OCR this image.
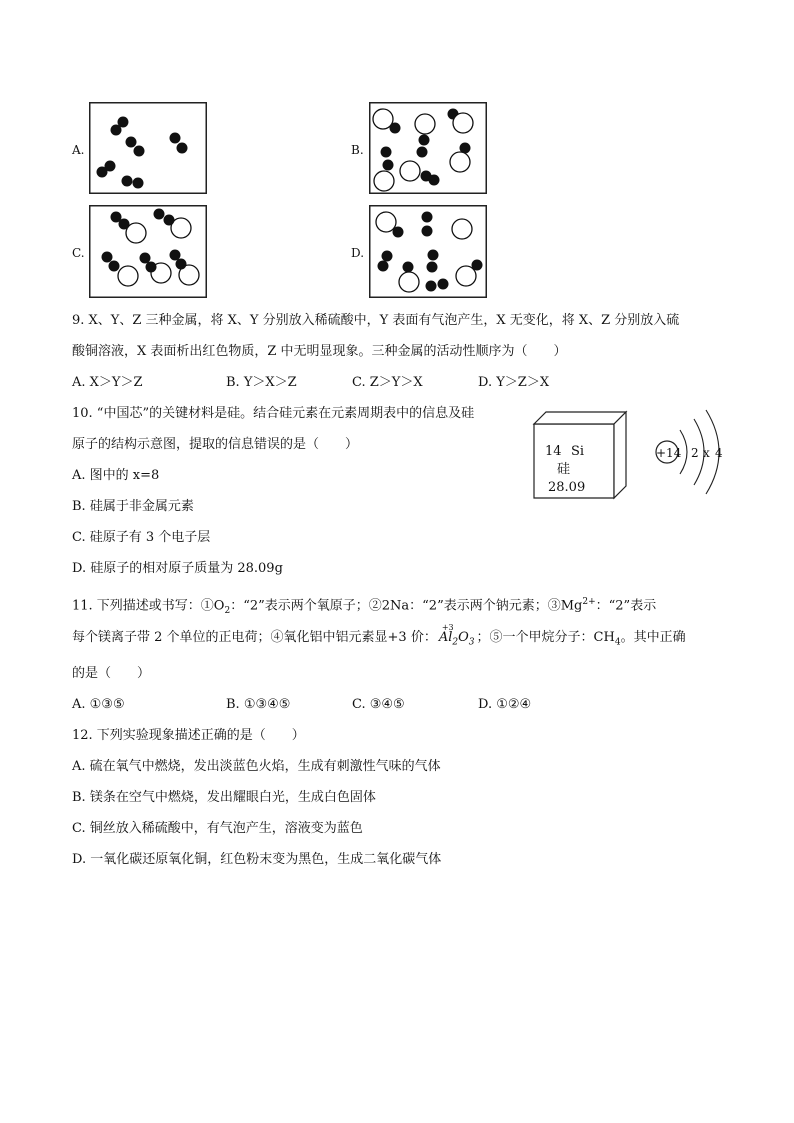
A.	B.
C.	D.
9. X、Y、Z 三种金属，将 X、Y 分别放入稀硫酸中，Y 表面有气泡产生，X 无变化，将 X、Z 分别放入硫
酸铜溶液，X 表面析出红色物质，Z 中无明显现象。三种金属的活动性顺序为（　　）
A. X＞Y＞Z	B. Y＞X＞Z	C. Z＞Y＞X	D. Y＞Z＞X
10. “中国芯”的关键材料是硅。结合硅元素在元素周期表中的信息及硅
原子的结构示意图，提取的信息错误的是（　　）
A. 图中的 x=8
B. 硅属于非金属元素
C. 硅原子有 3 个电子层
D. 硅原子的相对原子质量为 28.09g
14 Si
硅
28.09
+14 2 x 4
11. 下列描述或书写：$①O_2$：“2”表示两个氧原子；②2Na：“2”表示两个钠元素；$③Mg^{2+}$：“2”表示
每个镁离子带 2 个单位的正电荷；④氧化铝中铝元素显+3 价：
+3
$Al_2O_3$ ；⑤一个甲烷分子：$CH_4$。其中正确
的是（　　）
A. ①③⑤	B. ①③④⑤	C. ③④⑤	D. ①②④
12. 下列实验现象描述正确的是（　　）
A. 硫在氧气中燃烧，发出淡蓝色火焰，生成有刺激性气味的气体
B. 镁条在空气中燃烧，发出耀眼白光，生成白色固体
C. 铜丝放入稀硫酸中，有气泡产生，溶液变为蓝色
D. 一氧化碳还原氧化铜，红色粉末变为黑色，生成二氧化碳气体
